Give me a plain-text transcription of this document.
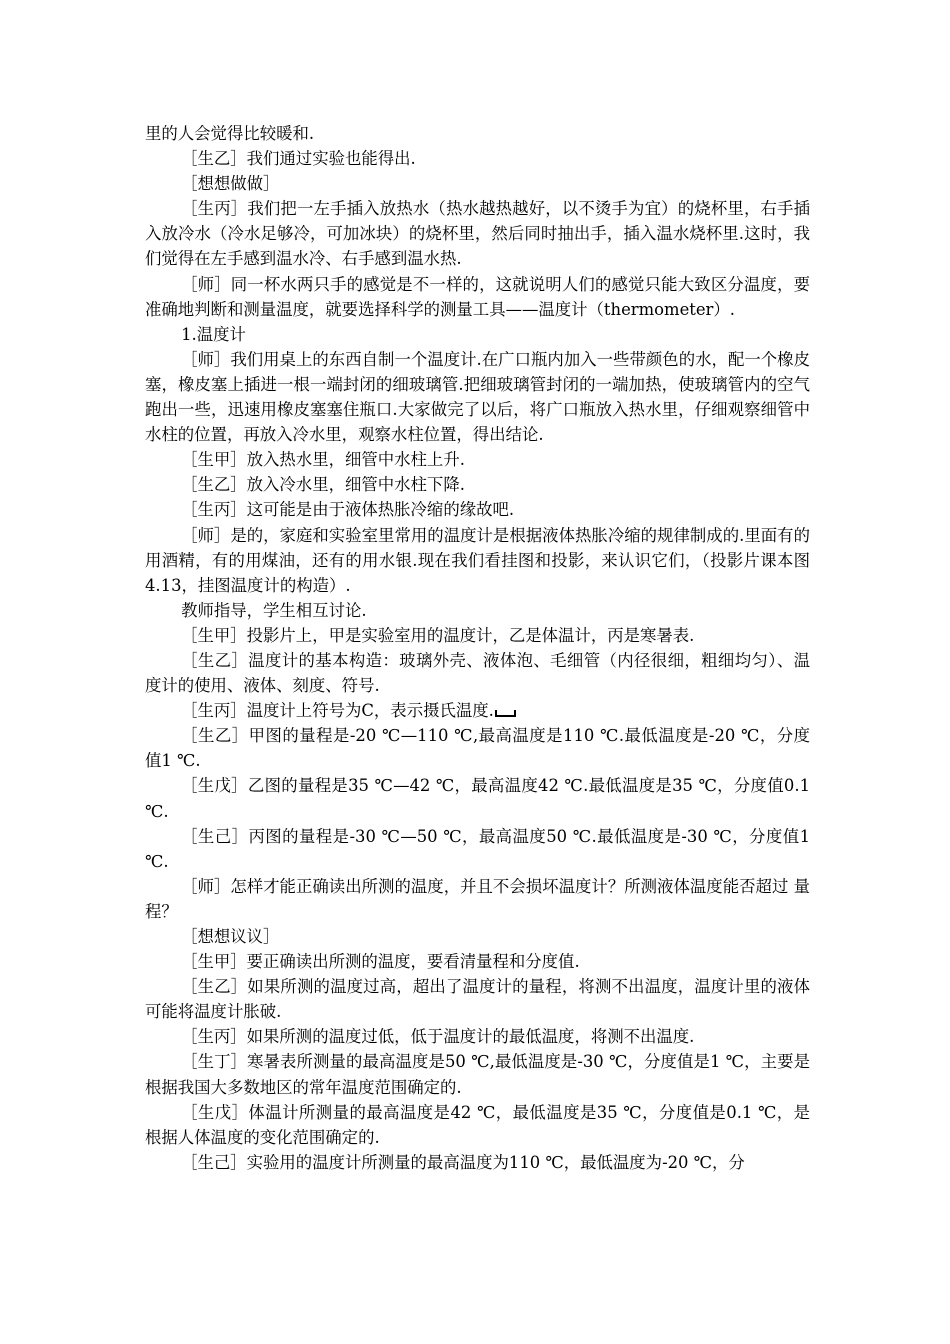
里的人会觉得比较暖和.

［生乙］我们通过实验也能得出.

［想想做做］

［生丙］我们把一左手插入放热水（热水越热越好，以不烫手为宜）的烧杯里，右手插入放冷水（冷水足够冷，可加冰块）的烧杯里，然后同时抽出手，插入温水烧杯里.这时，我们觉得在左手感到温水冷、右手感到温水热.

［师］同一杯水两只手的感觉是不一样的，这就说明人们的感觉只能大致区分温度，要准确地判断和测量温度，就要选择科学的测量工具——温度计（thermometer）.

1.温度计

［师］我们用桌上的东西自制一个温度计.在广口瓶内加入一些带颜色的水，配一个橡皮塞，橡皮塞上插进一根一端封闭的细玻璃管.把细玻璃管封闭的一端加热，使玻璃管内的空气跑出一些，迅速用橡皮塞塞住瓶口.大家做完了以后，将广口瓶放入热水里，仔细观察细管中水柱的位置，再放入冷水里，观察水柱位置，得出结论.

［生甲］放入热水里，细管中水柱上升.

［生乙］放入冷水里，细管中水柱下降.

［生丙］这可能是由于液体热胀冷缩的缘故吧.

［师］是的，家庭和实验室里常用的温度计是根据液体热胀冷缩的规律制成的.里面有的用酒精，有的用煤油，还有的用水银.现在我们看挂图和投影，来认识它们，（投影片课本图4.13，挂图温度计的构造）.

教师指导，学生相互讨论.

［生甲］投影片上，甲是实验室用的温度计，乙是体温计，丙是寒暑表.

［生乙］温度计的基本构造：玻璃外壳、液体泡、毛细管（内径很细，粗细均匀）、温度计的使用、液体、刻度、符号.

［生丙］温度计上符号为C，表示摄氏温度.

［生乙］甲图的量程是-20 ℃—110 ℃,最高温度是110 ℃.最低温度是-20 ℃，分度值1 ℃.

［生戊］乙图的量程是35 ℃—42 ℃，最高温度42 ℃.最低温度是35 ℃，分度值0.1 ℃.

［生己］丙图的量程是-30 ℃—50 ℃，最高温度50 ℃.最低温度是-30 ℃，分度值1 ℃.

［师］怎样才能正确读出所测的温度，并且不会损坏温度计？所测液体温度能否超过 量程？

［想想议议］

［生甲］要正确读出所测的温度，要看清量程和分度值.

［生乙］如果所测的温度过高，超出了温度计的量程，将测不出温度，温度计里的液体可能将温度计胀破.

［生丙］如果所测的温度过低，低于温度计的最低温度，将测不出温度.

［生丁］寒暑表所测量的最高温度是50 ℃,最低温度是-30 ℃，分度值是1 ℃，主要是根据我国大多数地区的常年温度范围确定的.

［生戊］体温计所测量的最高温度是42 ℃，最低温度是35 ℃，分度值是0.1 ℃，是根据人体温度的变化范围确定的.

［生己］实验用的温度计所测量的最高温度为110 ℃，最低温度为-20 ℃，分
